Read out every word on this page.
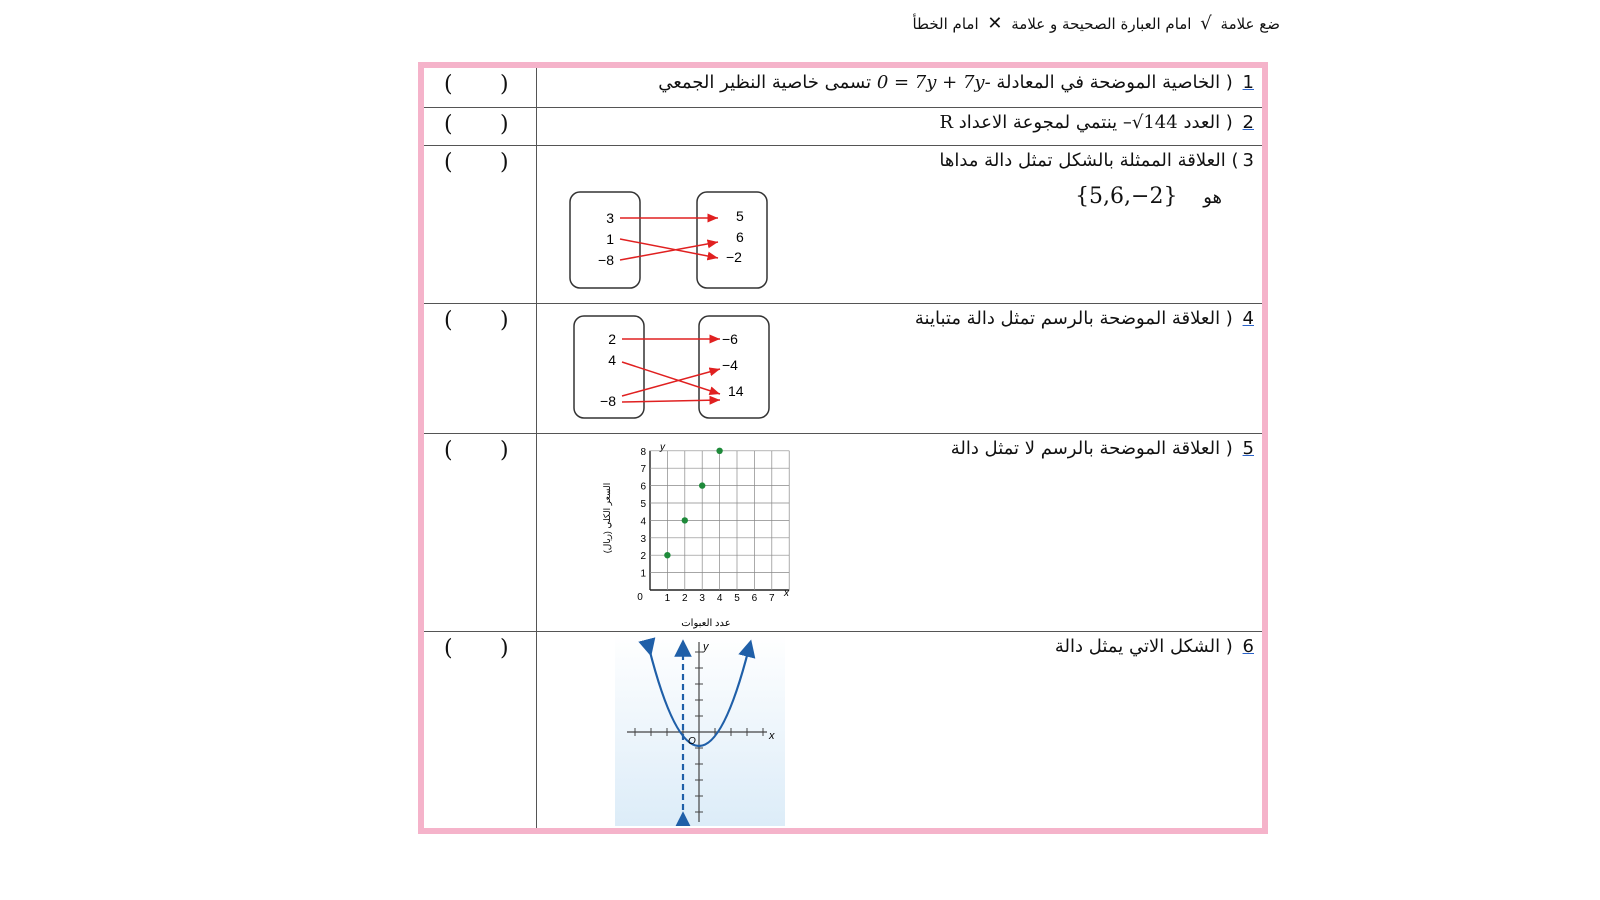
ضع علامة √ امام العبارة الصحيحة و علامة ✕ امام الخطأ
( )	1 ( الخاصية الموضحة في المعادلة 0 = 7y + 7y- تسمى خاصية النظير الجمعي
( )	2 ( العدد √144– ينتمي لمجوعة الاعداد R
( )	3) العلاقة الممثلة بالشكل تمثل دالة مداها
هو {5,6,−2}
3
1
−8
5
6
−2
( )	4 ( العلاقة الموضحة بالرسم تمثل دالة متباينة
2
4
−8
−6
−4
14
( )	5 ( العلاقة الموضحة بالرسم لا تمثل دالة
السعر الكلي (ريال)
عدد العبوات
0	x
y
1 2 3 4 5 6 7
1
2
3
4
5
6
7
8
( )	6 ( الشكل الاتي يمثل دالة
x
y
O
